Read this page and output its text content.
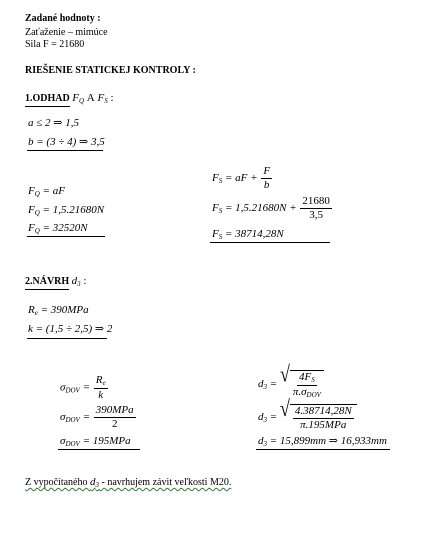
Zadané hodnoty :
Zaťaženie – mimúce
Sila F = 21680
RIEŠENIE STATICKEJ KONTROLY :
1.ODHAD $F_Q$ A $F_S$ :
a ≤ 2 ⇒ 1,5
b = (3 ÷ 4) ⇒ 3,5
$F_Q$ = aF
$F_Q = 1,5.21680N$
$F_Q = 32520N$
$F_S$ = aF + $\frac{F}{b}$
$F_S = 1,5.21680N + \frac{21680}{3,5}$
$F_S = 38714,28N$
2.NÁVRH $d_3$ :
$R_e = 390MPa$
k = (1,5 ÷ 2,5) ⇒ 2
$\sigma_{DOV} = \frac{R_e}{k}$
$\sigma_{DOV} = \frac{\text{390MPa}}{2}$
$\sigma_{DOV} = 195MPa$
$d_3$ = √ $\frac{4F_S}{\pi.\sigma_{DOV}}$
$d_3$ = √ $\frac{4.38714,28N}{\text{π.195MPa}}$
$d_3 = 15,899mm$ ⇒ 16,933mm
Z vypočítaného $d_3$ - navrhujem závit veľkosti M20.
